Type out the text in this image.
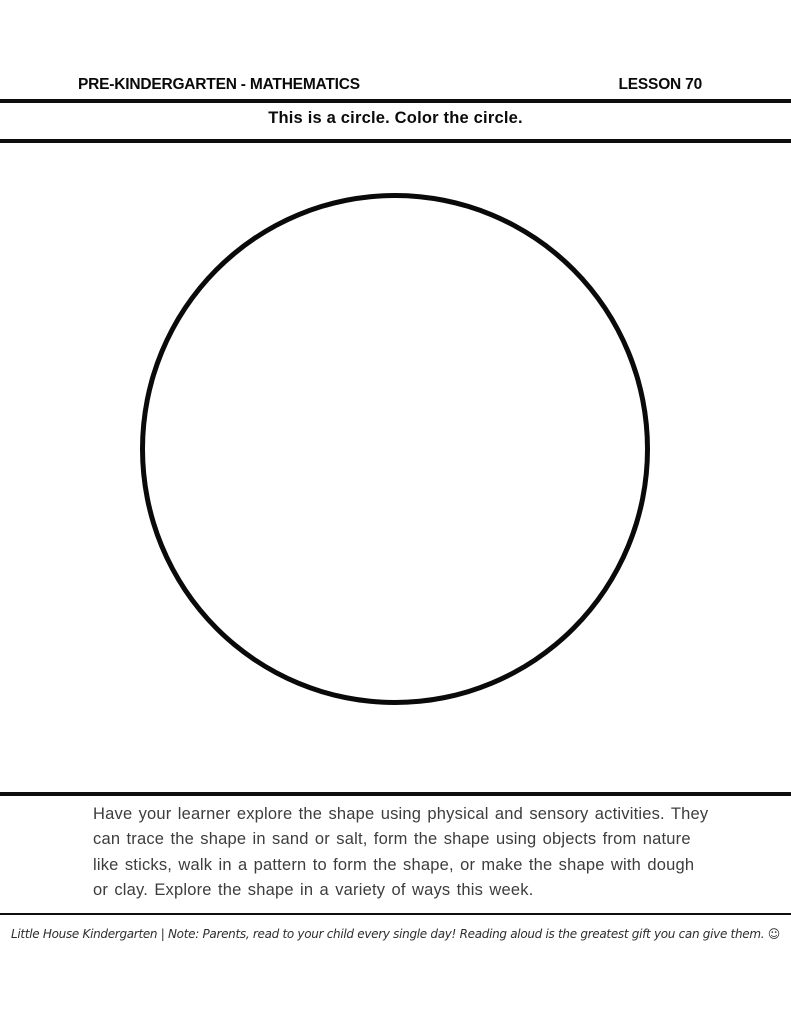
PRE-KINDERGARTEN - MATHEMATICS	LESSON 70
This is a circle. Color the circle.
Have your learner explore the shape using physical and sensory activities. They
can trace the shape in sand or salt, form the shape using objects from nature
like sticks, walk in a pattern to form the shape, or make the shape with dough
or clay. Explore the shape in a variety of ways this week.
Little House Kindergarten | Note: Parents, read to your child every single day! Reading aloud is the greatest gift you can give them. ☺
